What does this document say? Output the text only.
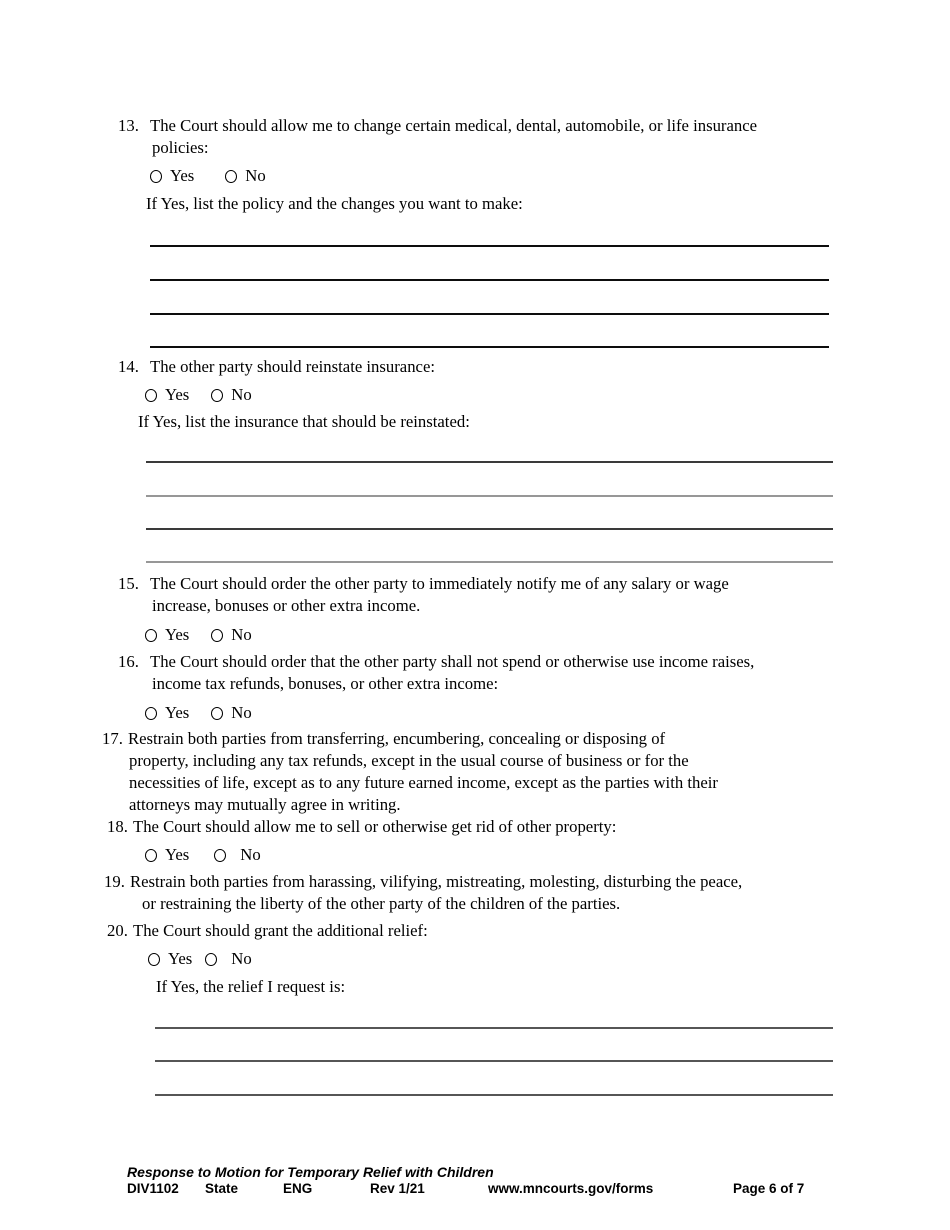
13. The Court should allow me to change certain medical, dental, automobile, or life insurance
policies:
Yes	No
If Yes, list the policy and the changes you want to make:
14. The other party should reinstate insurance:
Yes	No
If Yes, list the insurance that should be reinstated:
15. The Court should order the other party to immediately notify me of any salary or wage
increase, bonuses or other extra income.
Yes	No
16. The Court should order that the other party shall not spend or otherwise use income raises,
income tax refunds, bonuses, or other extra income:
Yes	No
17. Restrain both parties from transferring, encumbering, concealing or disposing of
property, including any tax refunds, except in the usual course of business or for the
necessities of life, except as to any future earned income, except as the parties with their
attorneys may mutually agree in writing.
18. The Court should allow me to sell or otherwise get rid of other property:
Yes	No
19. Restrain both parties from harassing, vilifying, mistreating, molesting, disturbing the peace,
or restraining the liberty of the other party of the children of the parties.
20. The Court should grant the additional relief:
Yes No
If Yes, the relief I request is:
Response to Motion for Temporary Relief with Children
DIV1102 State	ENG	Rev 1/21	www.mncourts.gov/forms	Page 6 of 7
